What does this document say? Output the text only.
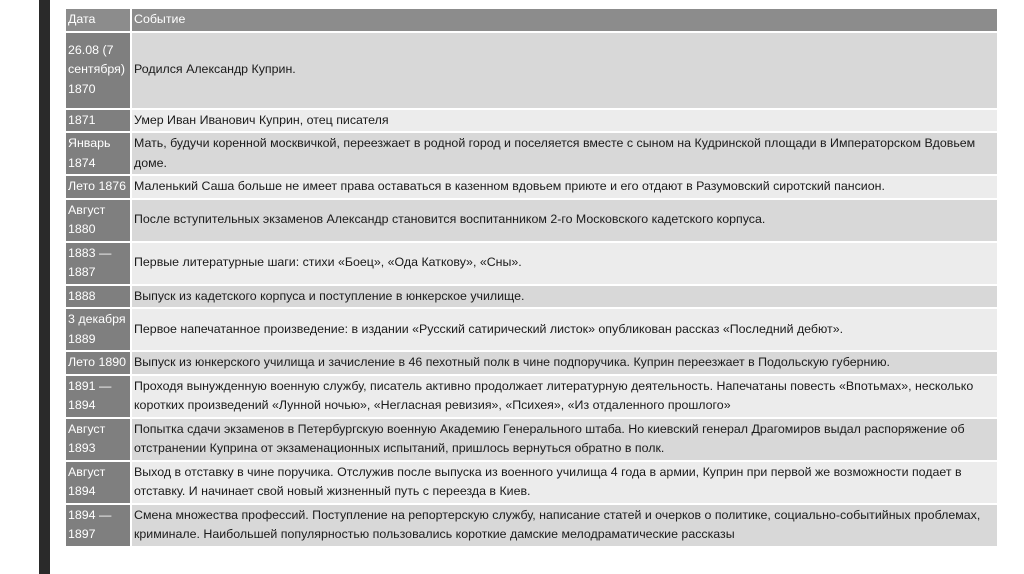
Дата	Событие
26.08 (7 сентября) 1870	Родился Александр Куприн.
1871	Умер Иван Иванович Куприн, отец писателя
Январь 1874	Мать, будучи коренной москвичкой, переезжает в родной город и поселяется вместе с сыном на Кудринской площади в Императорском Вдовьем доме.
Лето 1876	Маленький Саша больше не имеет права оставаться в казенном вдовьем приюте и его отдают в Разумовский сиротский пансион.
Август 1880	После вступительных экзаменов Александр становится воспитанником 2-го Московского кадетского корпуса.
1883 — 1887	Первые литературные шаги: стихи «Боец», «Ода Каткову», «Сны».
1888	Выпуск из кадетского корпуса и поступление в юнкерское училище.
3 декабря 1889	Первое напечатанное произведение: в издании «Русский сатирический листок» опубликован рассказ «Последний дебют».
Лето 1890	Выпуск из юнкерского училища и зачисление в 46 пехотный полк в чине подпоручика. Куприн переезжает в Подольскую губернию.
1891 — 1894	Проходя вынужденную военную службу, писатель активно продолжает литературную деятельность. Напечатаны повесть «Впотьмах», несколько коротких произведений «Лунной ночью», «Негласная ревизия», «Психея», «Из отдаленного прошлого»
Август 1893	Попытка сдачи экзаменов в Петербургскую военную Академию Генерального штаба. Но киевский генерал Драгомиров выдал распоряжение об отстранении Куприна от экзаменационных испытаний, пришлось вернуться обратно в полк.
Август 1894	Выход в отставку в чине поручика. Отслужив после выпуска из военного училища 4 года в армии, Куприн при первой же возможности подает в отставку. И начинает свой новый жизненный путь с переезда в Киев.
1894 — 1897	Смена множества профессий. Поступление на репортерскую службу, написание статей и очерков о политике, социально-событийных проблемах, криминале. Наибольшей популярностью пользовались короткие дамские мелодраматические рассказы
